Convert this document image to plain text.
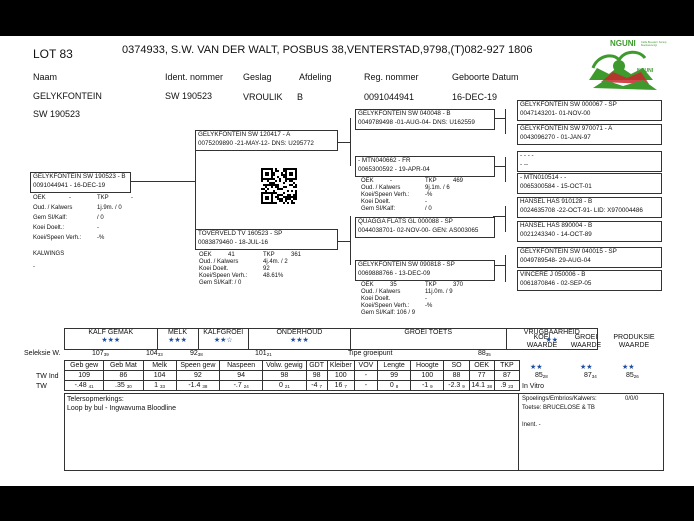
LOT 83	0374933, S.W. VAN DER WALT, POSBUS 38,VENTERSTAD,9798,(T)082-927 1806
Naam	Ident. nommer Geslag	Afdeling	Reg. nommer	Geboorte Datum
GELYKFONTEIN	SW 190523	VROULIK B	0091044941	16-DEC-19
SW 190523
NGUNI Cattle Breeders' Society
Beesbelerenigi
NGUNI
GELYKFONTEIN SW 190523 - B
0091044941 - 16-DEC-19
OEK	-	TKP	-
Oud. / Kalwers	1j.9m. / 0
Gem SI/Kalf:	/ 0
Koei Doelt.:	-
Koei/Speen Verh.:	-%
KALWINGS
-
GELYKFONTEIN SW 120417 - A
0075209890 -21-MAY-12- DNS: U295772
TOVERVELD TV 160523 - SP
0083879460 - 18-JUL-16
OEK	41	TKP	361
Oud. / Kalwers	4j.4m. / 2
Koei Doelt.	92
Koei/Speen Verh.:	48.61%
Gem SI/Kalf: / 0
GELYKFONTEIN SW 040048 - B
0049789498 -01-AUG-04- DNS: U162559
- MTN040662 - FR
0065300592 - 19-APR-04
OEK	-	TKP	469
Oud. / Kalwers	9j.1m. / 6
Koei/Speen Verh.:	-%
Koei Doelt.	-
Gem SI/Kalf:	/ 0
QUAGGA FLATS GL 000088 - SP
0044038701- 02-NOV-00- GEN: AS003065
GELYKFONTEIN SW 090818 - SP
0069888766 - 13-DEC-09
OEK	35	TKP	370
Oud. / Kalwers	11j.0m. / 9
Koei Doelt.	-
Koei/Speen Verh.:	-%
Gem SI/Kalf: 106 / 9
GELYKFONTEIN SW 000067 - SP
0047143201- 01-NOV-00
GELYKFONTEIN SW 970071 - A
0043096270 - 01-JAN-97
- - - -
- --
- MTN010514 - -
0065300584 - 15-OCT-01
HANSEL HAS 910128 - B
0024635708 -22-OCT-91- LID: X970004486
HANSEL HAS 890004 - B
0021243340 - 14-OCT-89
GELYKFONTEIN SW 040015 - SP
0049789548- 29-AUG-04
VINCERE J 050006 - B
0061870846 - 02-SEP-05
KALF GEMAK
★★★

MELK
★★★

KALFGROEI
★★☆

ONDERHOUD
★★★

GROEI TOETS	VRUGBAARHEID
★★
KOEI WAARDE
GROEI WAARDE
PRODUKSIE WAARDE
Seleksie W.	10739	10433	9238	10121	Tipe groeipunt	8835
★★	★★	★★
8528	8734	8526
Geb gew	Geb Mat	Melk	Speen gew	Naspeen	Volw. gewig	GDT	Kleiber	VOV	Lengte	Hoogte	SO	OEK	TKP
109	86	104	92	94	98	98	100	-	99	100	88	77	87
-.48 41	.35 30	1 33	-1.4 38	-.7 24	0 21	-4 7	16 7	-	0 8	-1 9	-2.3 9	14.1 38	.9 23
TW Ind
TW	In Vitro
Telersopmerkings:
Loop by bul - Ingwavuma Bloodline
Spoelings/Embrios/Kalwers:	0/0/0
Toetse: BRUCELOSE & TB
Inent. -
